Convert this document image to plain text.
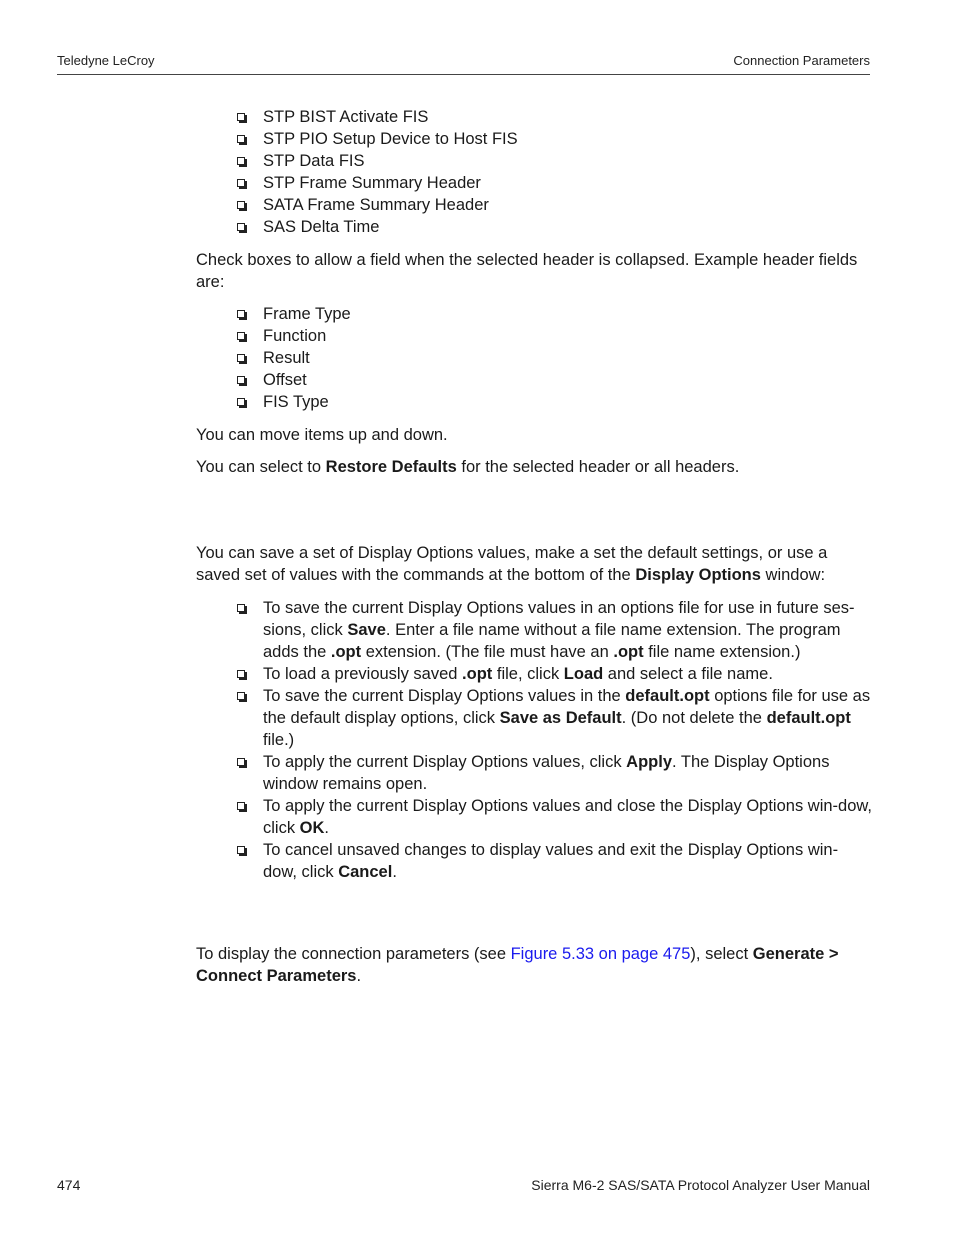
Teledyne LeCroy	Connection Parameters
STP BIST Activate FIS
STP PIO Setup Device to Host FIS
STP Data FIS
STP Frame Summary Header
SATA Frame Summary Header
SAS Delta Time

Check boxes to allow a field when the selected header is collapsed. Example header fields are:

Frame Type
Function
Result
Offset
FIS Type

You can move items up and down.

You can select to Restore Defaults for the selected header or all headers.

You can save a set of Display Options values, make a set the default settings, or use a saved set of values with the commands at the bottom of the Display Options window:

To save the current Display Options values in an options file for use in future ses-sions, click Save. Enter a file name without a file name extension. The program adds the .opt extension. (The file must have an .opt file name extension.)
To load a previously saved .opt file, click Load and select a file name.
To save the current Display Options values in the default.opt options file for use as the default display options, click Save as Default. (Do not delete the default.opt file.)
To apply the current Display Options values, click Apply. The Display Options window remains open.
To apply the current Display Options values and close the Display Options win-dow, click OK.
To cancel unsaved changes to display values and exit the Display Options win-dow, click Cancel.

To display the connection parameters (see Figure 5.33 on page 475), select Generate > Connect Parameters.

474	Sierra M6-2 SAS/SATA Protocol Analyzer User Manual
